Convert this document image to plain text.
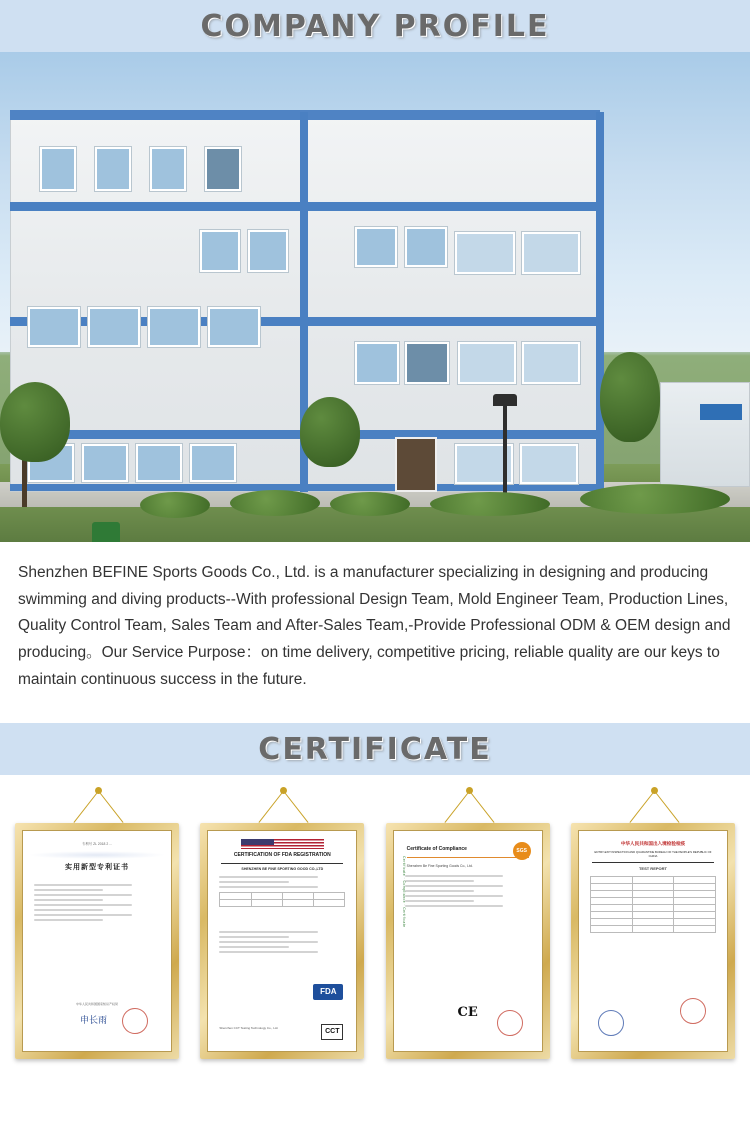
COMPANY PROFILE
Shenzhen BEFINE Sports Goods Co., Ltd. is a manufacturer specializing in designing and producing swimming and diving products--With professional Design Team, Mold Engineer Team, Production Lines, Quality Control Team, Sales Team and After-Sales Team,-Provide Professional ODM & OEM design and producing。Our Service Purpose：on time delivery, competitive pricing, reliable quality are our keys to maintain continuous success in the future.
CERTIFICATE
专利号 ZL 2018 2 ...
实用新型专利证书
中华人民共和国国家知识产权局
申长雨
CERTIFICATION OF FDA REGISTRATION
SHENZHEN BE FINE SPORTING GOOD CO.,LTD
FDA
Shenzhen CCT Testing Technology Co., Ltd.
CCT
SGS
Certificate of Compliance
Shenzhen Be Fine Sporting Goods Co., Ltd.
Certificate · Compliance · Certificate
CE
中华人民共和国出入境检验检疫
ENTRY-EXIT INSPECTION AND QUARANTINE BUREAU OF THE PEOPLE'S REPUBLIC OF CHINA
TEST REPORT
